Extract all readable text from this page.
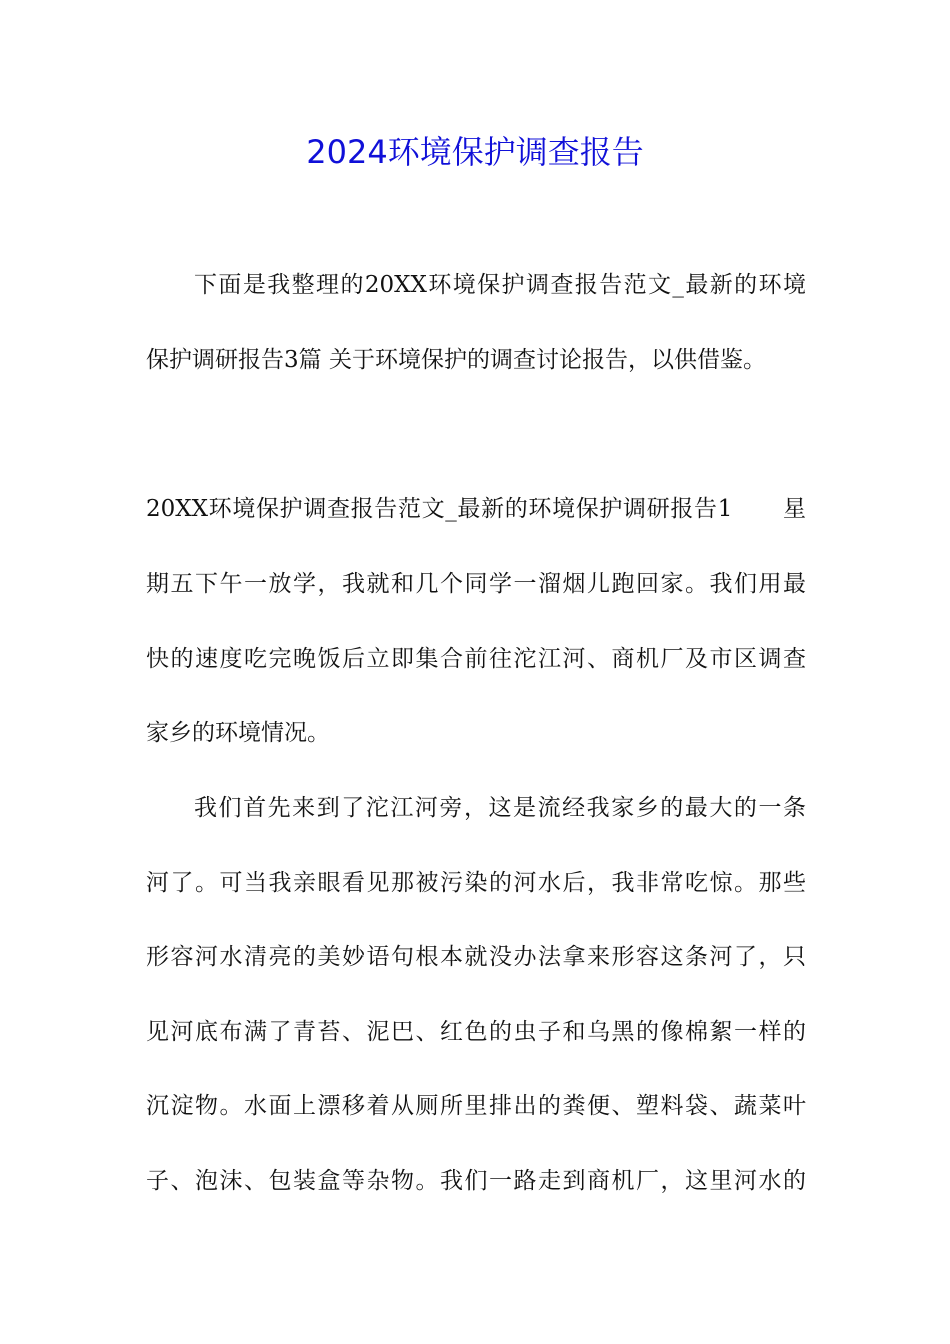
2024环境保护调查报告
下面是我整理的20XX环境保护调查报告范文_最新的环境
保护调研报告3篇 关于环境保护的调查讨论报告，以供借鉴。
20XX环境保护调查报告范文_最新的环境保护调研报告1 星
期五下午一放学，我就和几个同学一溜烟儿跑回家。我们用最
快的速度吃完晚饭后立即集合前往沱江河、商机厂及市区调查
家乡的环境情况。
我们首先来到了沱江河旁，这是流经我家乡的最大的一条
河了。可当我亲眼看见那被污染的河水后，我非常吃惊。那些
形容河水清亮的美妙语句根本就没办法拿来形容这条河了，只
见河底布满了青苔、泥巴、红色的虫子和乌黑的像棉絮一样的
沉淀物。水面上漂移着从厕所里排出的粪便、塑料袋、蔬菜叶
子、泡沫、包装盒等杂物。我们一路走到商机厂，这里河水的
